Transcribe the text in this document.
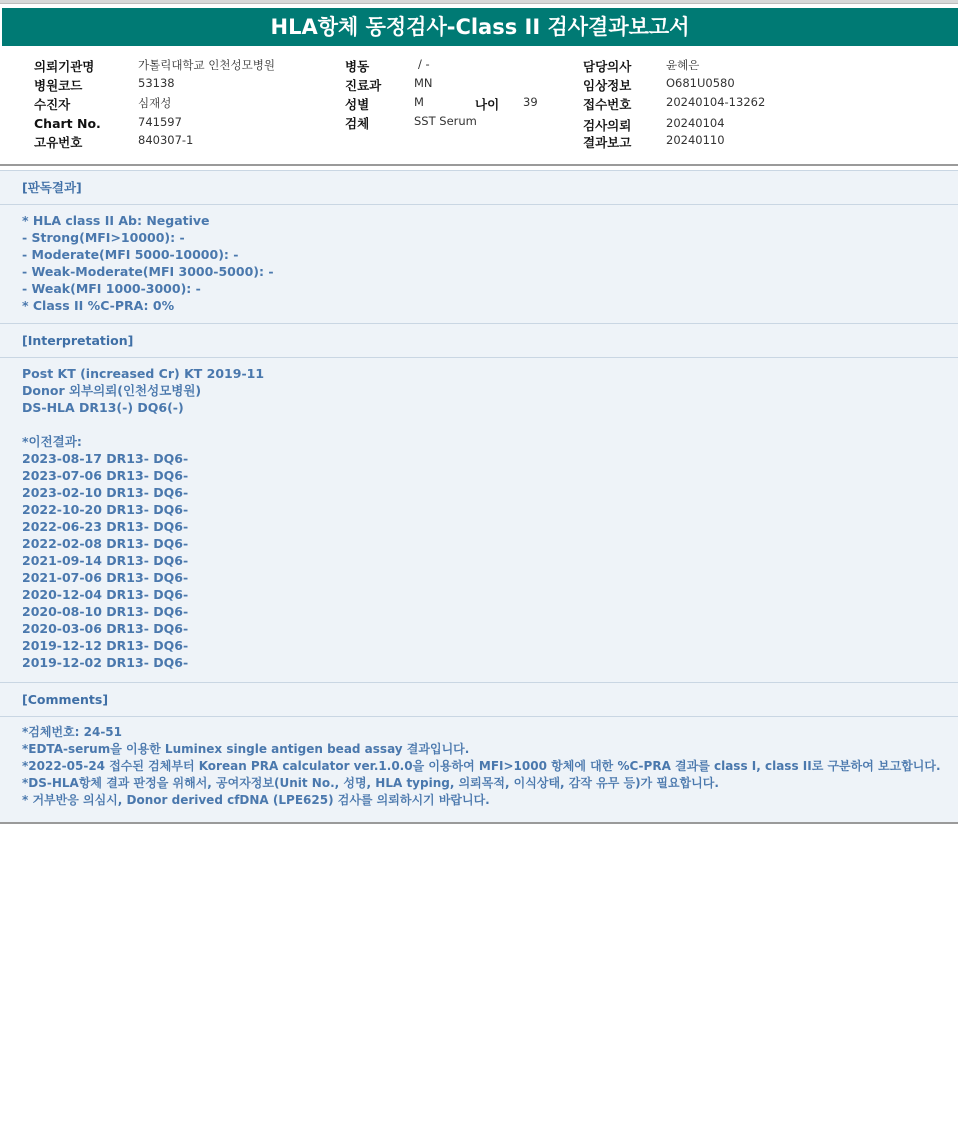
HLA항체 동정검사-Class II 검사결과보고서
의뢰기관명	가톨릭대학교 인천성모병원
병원코드	53138
수진자	심재성
Chart No.	741597
고유번호	840307-1
병동	/ -
진료과	MN
성별	M	나이 39
검체	SST Serum
담당의사	윤혜은
임상정보	O681U0580
접수번호	20240104-13262
검사의뢰	20240104
결과보고	20240110
[판독결과]
* HLA class II Ab: Negative
- Strong(MFI>10000): -
- Moderate(MFI 5000-10000): -
- Weak-Moderate(MFI 3000-5000): -
- Weak(MFI 1000-3000): -
* Class II %C-PRA: 0%
[Interpretation]
Post KT (increased Cr) KT 2019-11
Donor 외부의뢰(인천성모병원)
DS-HLA DR13(-) DQ6(-)
*이전결과:
2023-08-17 DR13- DQ6-
2023-07-06 DR13- DQ6-
2023-02-10 DR13- DQ6-
2022-10-20 DR13- DQ6-
2022-06-23 DR13- DQ6-
2022-02-08 DR13- DQ6-
2021-09-14 DR13- DQ6-
2021-07-06 DR13- DQ6-
2020-12-04 DR13- DQ6-
2020-08-10 DR13- DQ6-
2020-03-06 DR13- DQ6-
2019-12-12 DR13- DQ6-
2019-12-02 DR13- DQ6-
[Comments]
*검체번호: 24-51
*EDTA-serum을 이용한 Luminex single antigen bead assay 결과입니다.
*2022-05-24 접수된 검체부터 Korean PRA calculator ver.1.0.0을 이용하여 MFI>1000 항체에 대한 %C-PRA 결과를 class I, class II로 구분하여 보고합니다.
*DS-HLA항체 결과 판정을 위해서, 공여자정보(Unit No., 성명, HLA typing, 의뢰목적, 이식상태, 감작 유무 등)가 필요합니다.
* 거부반응 의심시, Donor derived cfDNA (LPE625) 검사를 의뢰하시기 바랍니다.
